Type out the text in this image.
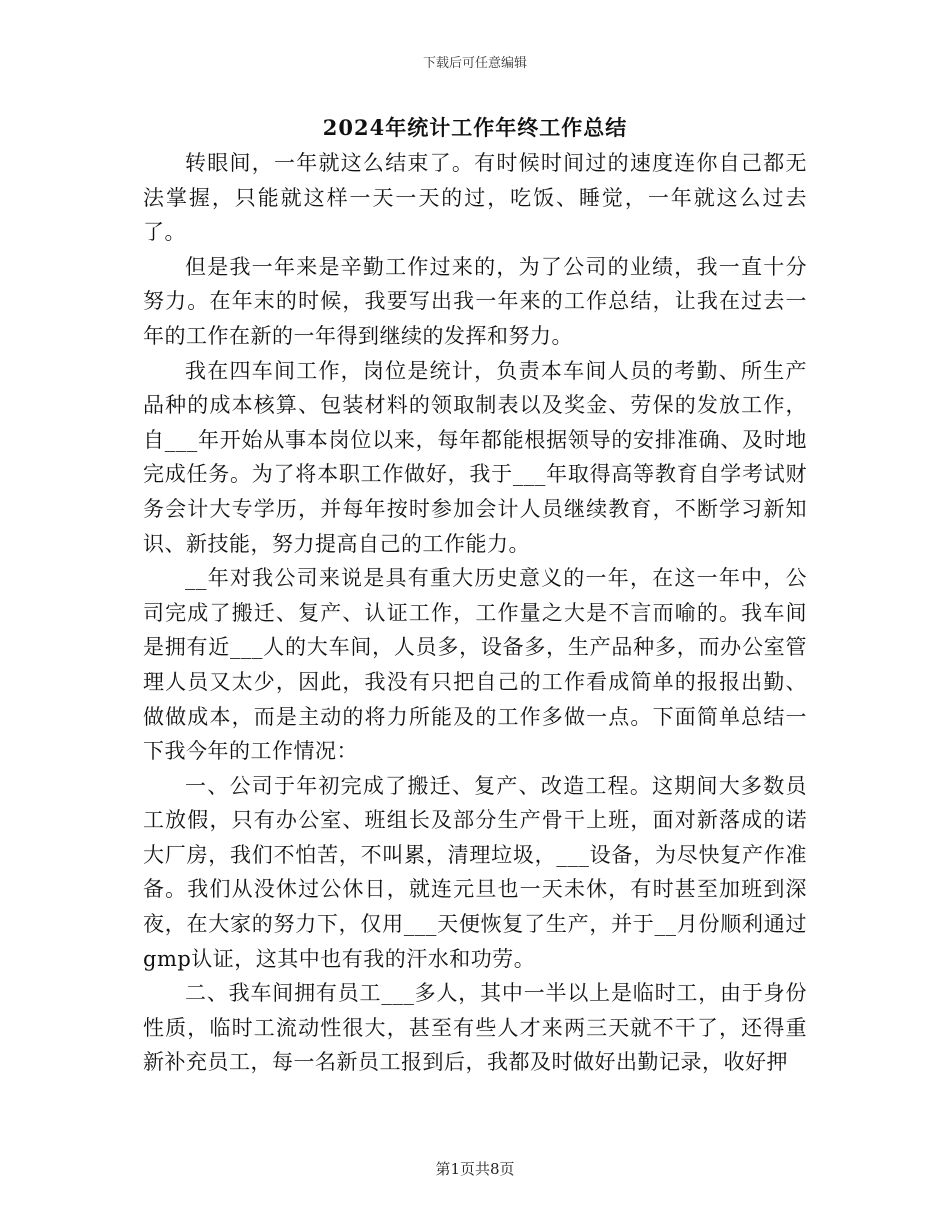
下载后可任意编辑
2024年统计工作年终工作总结

转眼间，一年就这么结束了。有时候时间过的速度连你自己都无法掌握，只能就这样一天一天的过，吃饭、睡觉，一年就这么过去了。

但是我一年来是辛勤工作过来的，为了公司的业绩，我一直十分努力。在年末的时候，我要写出我一年来的工作总结，让我在过去一年的工作在新的一年得到继续的发挥和努力。

我在四车间工作，岗位是统计，负责本车间人员的考勤、所生产品种的成本核算、包装材料的领取制表以及奖金、劳保的发放工作，自___年开始从事本岗位以来，每年都能根据领导的安排准确、及时地完成任务。为了将本职工作做好，我于___年取得高等教育自学考试财务会计大专学历，并每年按时参加会计人员继续教育，不断学习新知识、新技能，努力提高自己的工作能力。

__年对我公司来说是具有重大历史意义的一年，在这一年中，公司完成了搬迁、复产、认证工作，工作量之大是不言而喻的。我车间是拥有近___人的大车间，人员多，设备多，生产品种多，而办公室管理人员又太少，因此，我没有只把自己的工作看成简单的报报出勤、做做成本，而是主动的将力所能及的工作多做一点。下面简单总结一下我今年的工作情况：

一、公司于年初完成了搬迁、复产、改造工程。这期间大多数员工放假，只有办公室、班组长及部分生产骨干上班，面对新落成的诺大厂房，我们不怕苦，不叫累，清理垃圾，___设备，为尽快复产作准备。我们从没休过公休日，就连元旦也一天未休，有时甚至加班到深夜，在大家的努力下，仅用___天便恢复了生产，并于__月份顺利通过gmp认证，这其中也有我的汗水和功劳。

二、我车间拥有员工___多人，其中一半以上是临时工，由于身份性质，临时工流动性很大，甚至有些人才来两三天就不干了，还得重新补充员工，每一名新员工报到后，我都及时做好出勤记录，收好押

第1页共8页
